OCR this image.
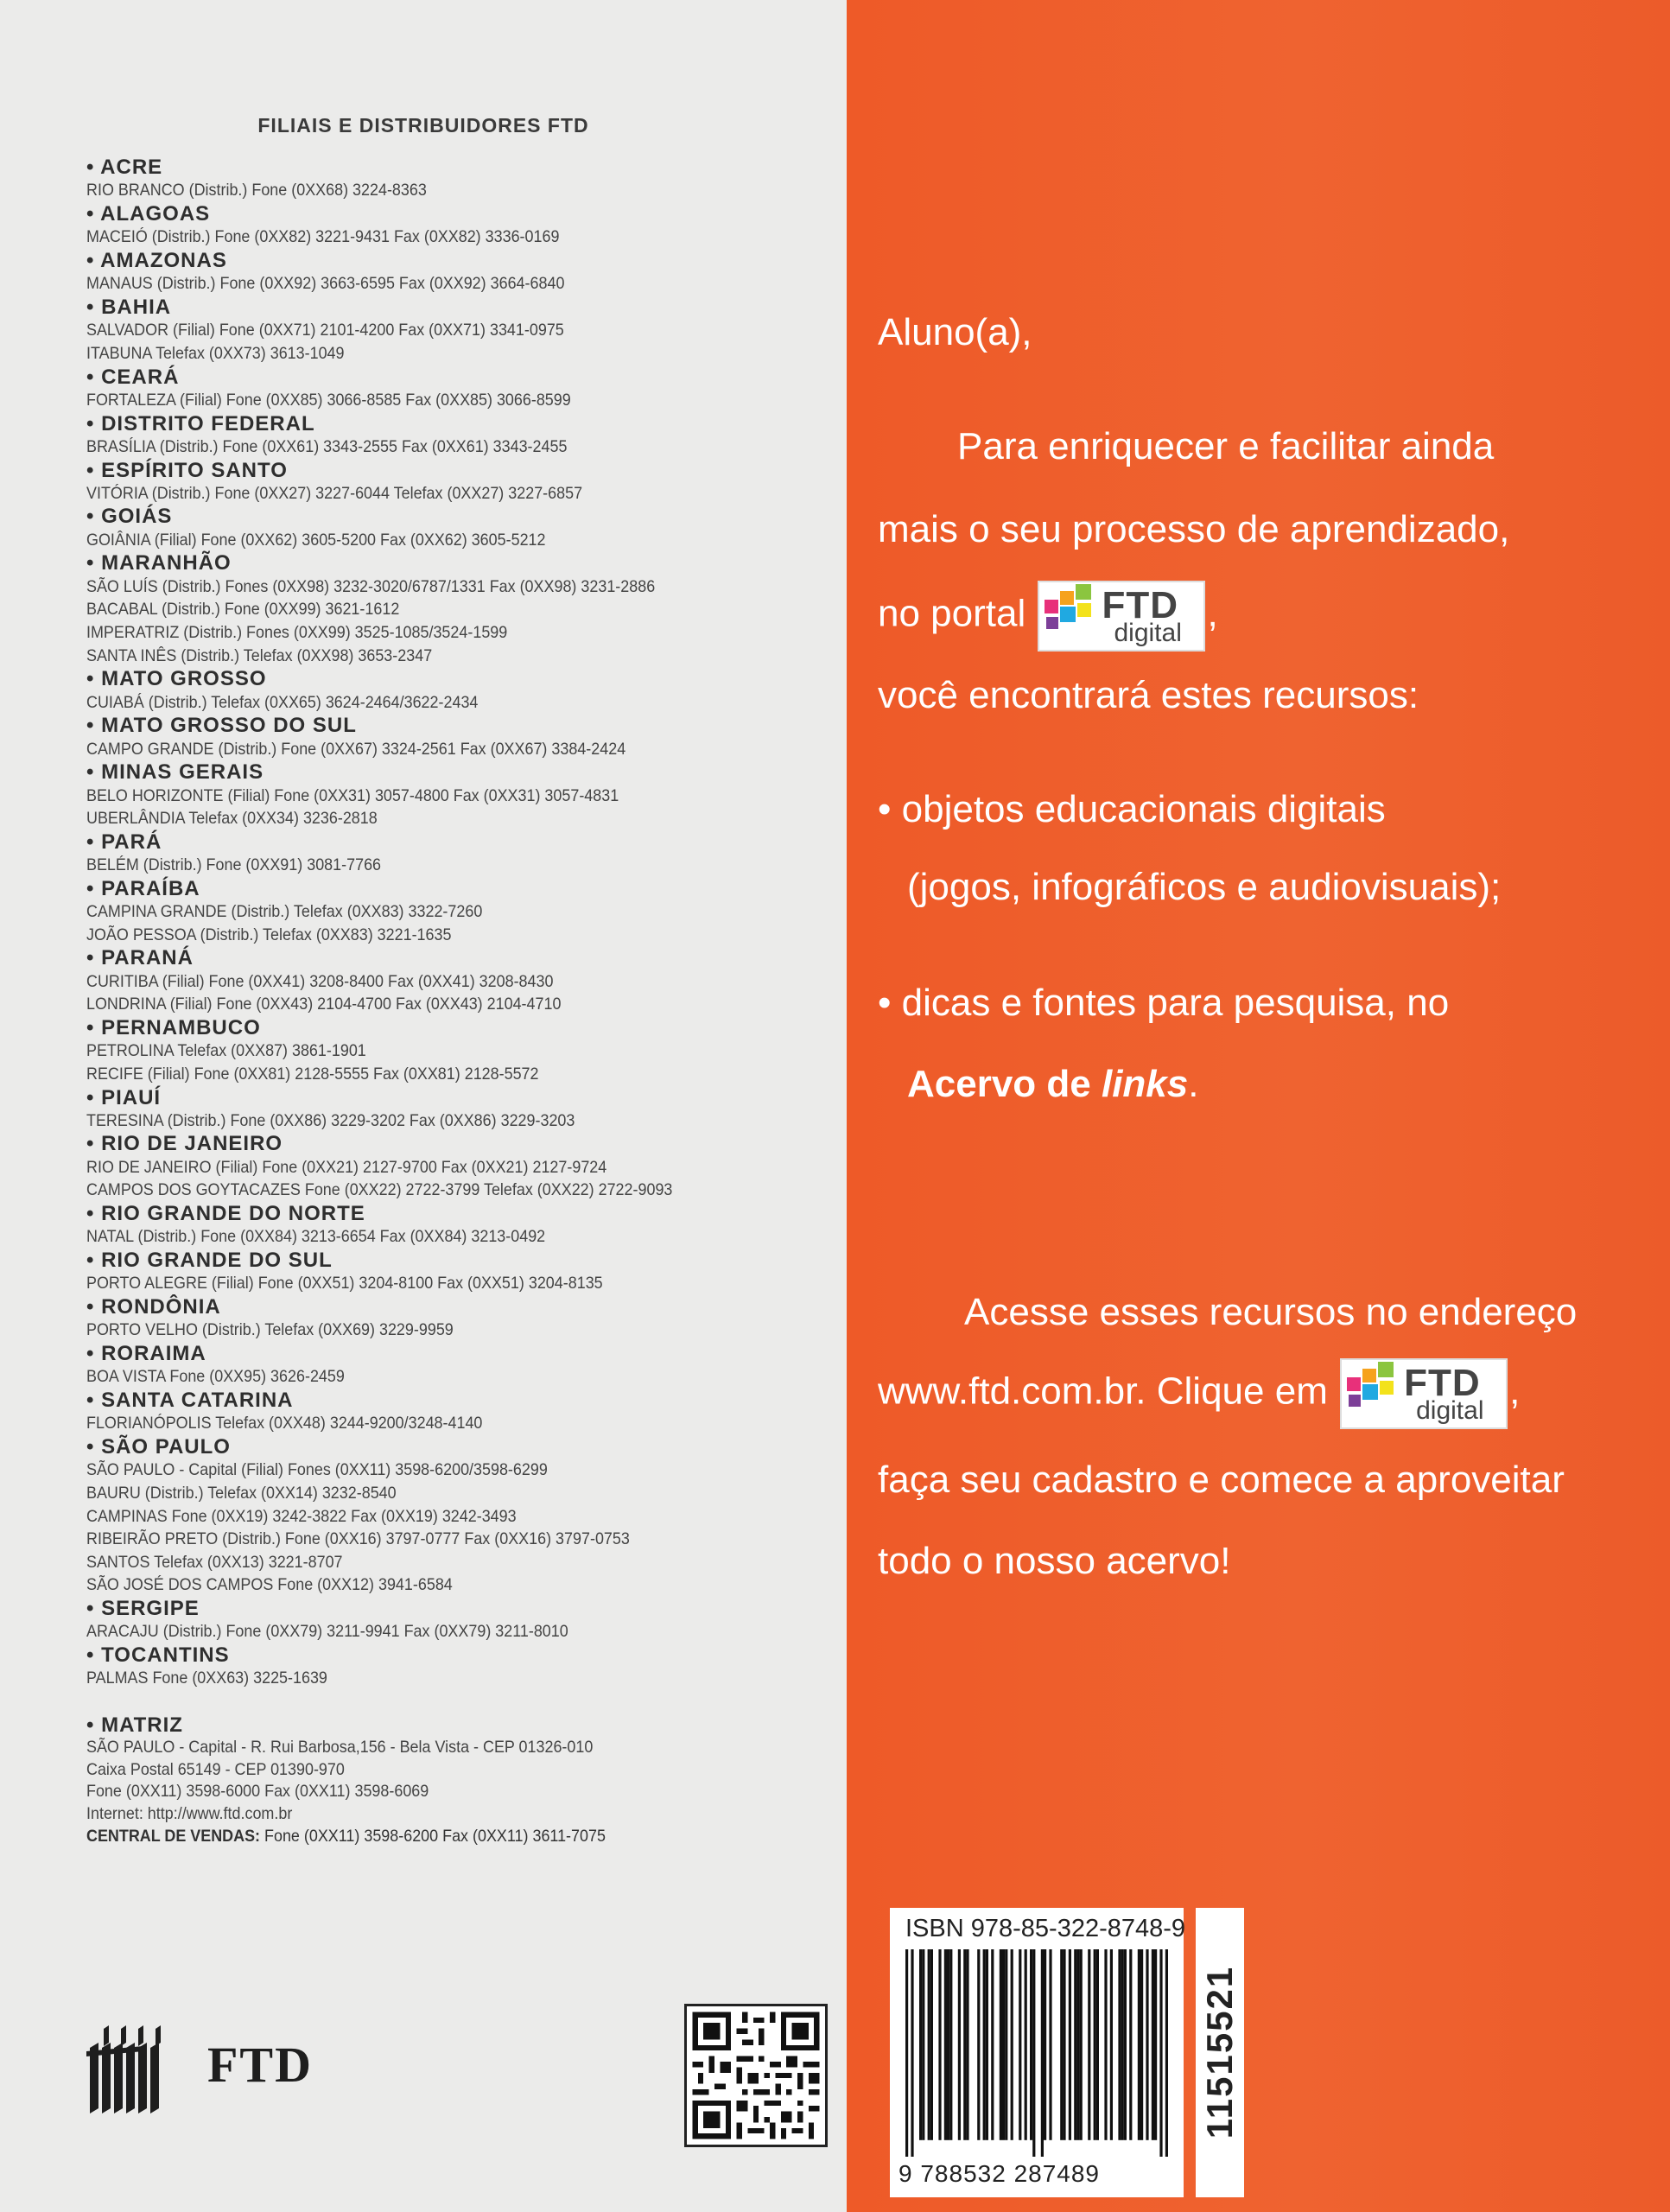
FILIAIS E DISTRIBUIDORES FTD
• ACRE
RIO BRANCO (Distrib.) Fone (0XX68) 3224-8363
• ALAGOAS
MACEIÓ (Distrib.) Fone (0XX82) 3221-9431 Fax (0XX82) 3336-0169
• AMAZONAS
MANAUS (Distrib.) Fone (0XX92) 3663-6595 Fax (0XX92) 3664-6840
• BAHIA
SALVADOR (Filial) Fone (0XX71) 2101-4200 Fax (0XX71) 3341-0975
ITABUNA Telefax (0XX73) 3613-1049
• CEARÁ
FORTALEZA (Filial) Fone (0XX85) 3066-8585 Fax (0XX85) 3066-8599
• DISTRITO FEDERAL
BRASÍLIA (Distrib.) Fone (0XX61) 3343-2555 Fax (0XX61) 3343-2455
• ESPÍRITO SANTO
VITÓRIA (Distrib.) Fone (0XX27) 3227-6044 Telefax (0XX27) 3227-6857
• GOIÁS
GOIÂNIA (Filial) Fone (0XX62) 3605-5200 Fax (0XX62) 3605-5212
• MARANHÃO
SÃO LUÍS (Distrib.) Fones (0XX98) 3232-3020/6787/1331 Fax (0XX98) 3231-2886
BACABAL (Distrib.) Fone (0XX99) 3621-1612
IMPERATRIZ (Distrib.) Fones (0XX99) 3525-1085/3524-1599
SANTA INÊS (Distrib.) Telefax (0XX98) 3653-2347
• MATO GROSSO
CUIABÁ (Distrib.) Telefax (0XX65) 3624-2464/3622-2434
• MATO GROSSO DO SUL
CAMPO GRANDE (Distrib.) Fone (0XX67) 3324-2561 Fax (0XX67) 3384-2424
• MINAS GERAIS
BELO HORIZONTE (Filial) Fone (0XX31) 3057-4800 Fax (0XX31) 3057-4831
UBERLÂNDIA Telefax (0XX34) 3236-2818
• PARÁ
BELÉM (Distrib.) Fone (0XX91) 3081-7766
• PARAÍBA
CAMPINA GRANDE (Distrib.) Telefax (0XX83) 3322-7260
JOÃO PESSOA (Distrib.) Telefax (0XX83) 3221-1635
• PARANÁ
CURITIBA (Filial) Fone (0XX41) 3208-8400 Fax (0XX41) 3208-8430
LONDRINA (Filial) Fone (0XX43) 2104-4700 Fax (0XX43) 2104-4710
• PERNAMBUCO
PETROLINA Telefax (0XX87) 3861-1901
RECIFE (Filial) Fone (0XX81) 2128-5555 Fax (0XX81) 2128-5572
• PIAUÍ
TERESINA (Distrib.) Fone (0XX86) 3229-3202 Fax (0XX86) 3229-3203
• RIO DE JANEIRO
RIO DE JANEIRO (Filial) Fone (0XX21) 2127-9700 Fax (0XX21) 2127-9724
CAMPOS DOS GOYTACAZES Fone (0XX22) 2722-3799 Telefax (0XX22) 2722-9093
• RIO GRANDE DO NORTE
NATAL (Distrib.) Fone (0XX84) 3213-6654 Fax (0XX84) 3213-0492
• RIO GRANDE DO SUL
PORTO ALEGRE (Filial) Fone (0XX51) 3204-8100 Fax (0XX51) 3204-8135
• RONDÔNIA
PORTO VELHO (Distrib.) Telefax (0XX69) 3229-9959
• RORAIMA
BOA VISTA Fone (0XX95) 3626-2459
• SANTA CATARINA
FLORIANÓPOLIS Telefax (0XX48) 3244-9200/3248-4140
• SÃO PAULO
SÃO PAULO - Capital (Filial) Fones (0XX11) 3598-6200/3598-6299
BAURU (Distrib.) Telefax (0XX14) 3232-8540
CAMPINAS Fone (0XX19) 3242-3822 Fax (0XX19) 3242-3493
RIBEIRÃO PRETO (Distrib.) Fone (0XX16) 3797-0777 Fax (0XX16) 3797-0753
SANTOS Telefax (0XX13) 3221-8707
SÃO JOSÉ DOS CAMPOS Fone (0XX12) 3941-6584
• SERGIPE
ARACAJU (Distrib.) Fone (0XX79) 3211-9941 Fax (0XX79) 3211-8010
• TOCANTINS
PALMAS Fone (0XX63) 3225-1639
• MATRIZ
SÃO PAULO - Capital - R. Rui Barbosa,156 - Bela Vista - CEP 01326-010
Caixa Postal 65149 - CEP 01390-970
Fone (0XX11) 3598-6000 Fax (0XX11) 3598-6069
Internet: http://www.ftd.com.br
CENTRAL DE VENDAS: Fone (0XX11) 3598-6200 Fax (0XX11) 3611-7075
FTD
Aluno(a),
Para enriquecer e facilitar ainda
mais o seu processo de aprendizado,
no portal FTD
digital ,
você encontrará estes recursos:
• objetos educacionais digitais
(jogos, infográficos e audiovisuais);
• dicas e fontes para pesquisa, no
Acervo de links.
Acesse esses recursos no endereço
www.ftd.com.br. Clique em FTD
digital ,
faça seu cadastro e comece a aproveitar
todo o nosso acervo!
ISBN 978-85-322-8748-9
9 788532 287489
11515521
